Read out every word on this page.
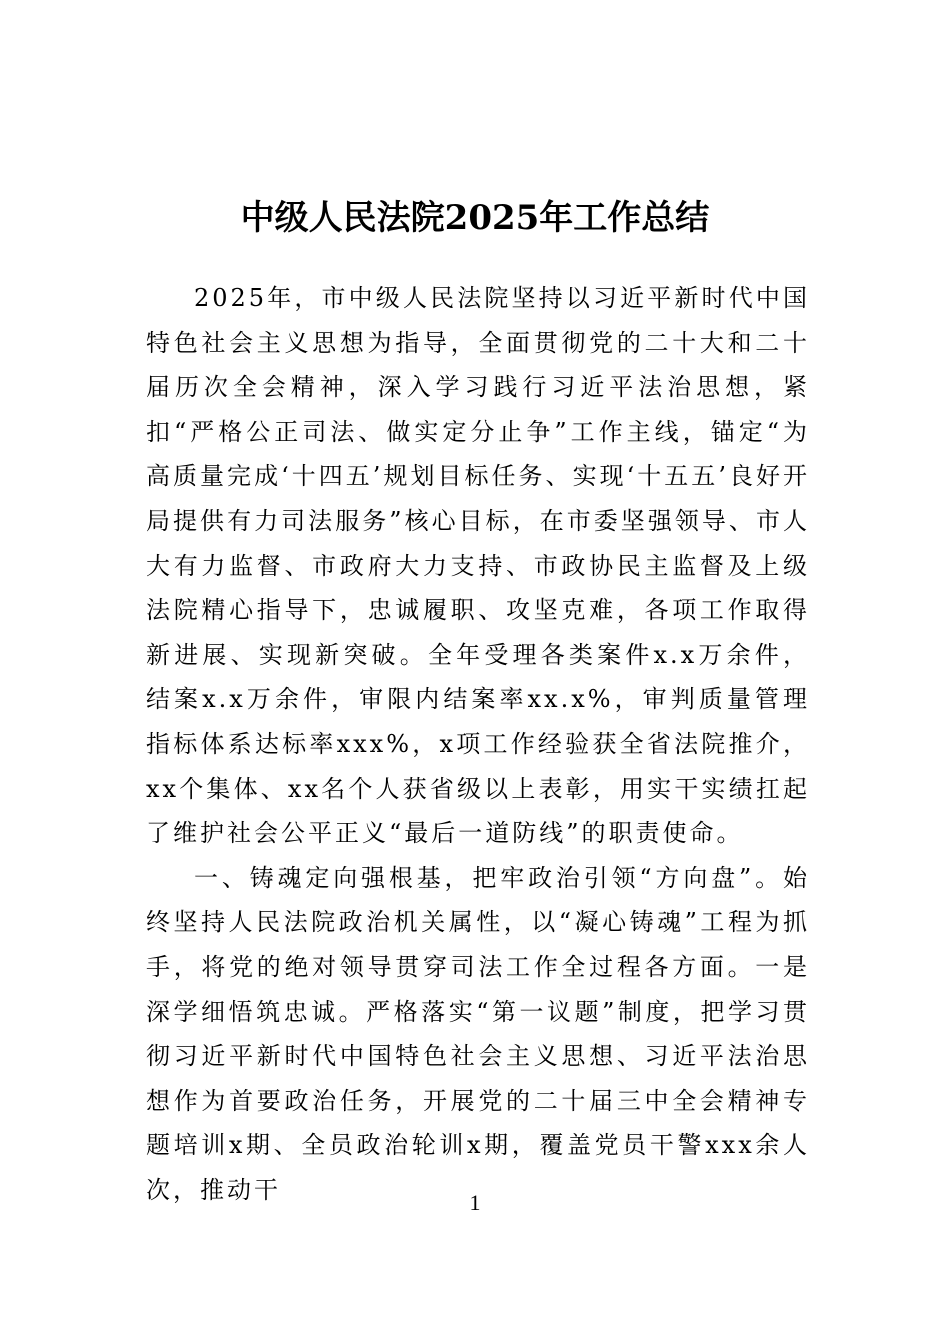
中级人民法院2025年工作总结

2025年，市中级人民法院坚持以习近平新时代中国特色社会主义思想为指导，全面贯彻党的二十大和二十届历次全会精神，深入学习践行习近平法治思想，紧扣“严格公正司法、做实定分止争”工作主线，锚定“为高质量完成‘十四五’规划目标任务、实现‘十五五’良好开局提供有力司法服务”核心目标，在市委坚强领导、市人大有力监督、市政府大力支持、市政协民主监督及上级法院精心指导下，忠诚履职、攻坚克难，各项工作取得新进展、实现新突破。全年受理各类案件x.x万余件，结案x.x万余件，审限内结案率xx.x%，审判质量管理指标体系达标率xxx%，x项工作经验获全省法院推介，xx个集体、xx名个人获省级以上表彰，用实干实绩扛起了维护社会公平正义“最后一道防线”的职责使命。

一、铸魂定向强根基，把牢政治引领“方向盘”。始终坚持人民法院政治机关属性，以“凝心铸魂”工程为抓手，将党的绝对领导贯穿司法工作全过程各方面。一是深学细悟筑忠诚。严格落实“第一议题”制度，把学习贯彻习近平新时代中国特色社会主义思想、习近平法治思想作为首要政治任务，开展党的二十届三中全会精神专题培训x期、全员政治轮训x期，覆盖党员干警xxx余人次，推动干	1
